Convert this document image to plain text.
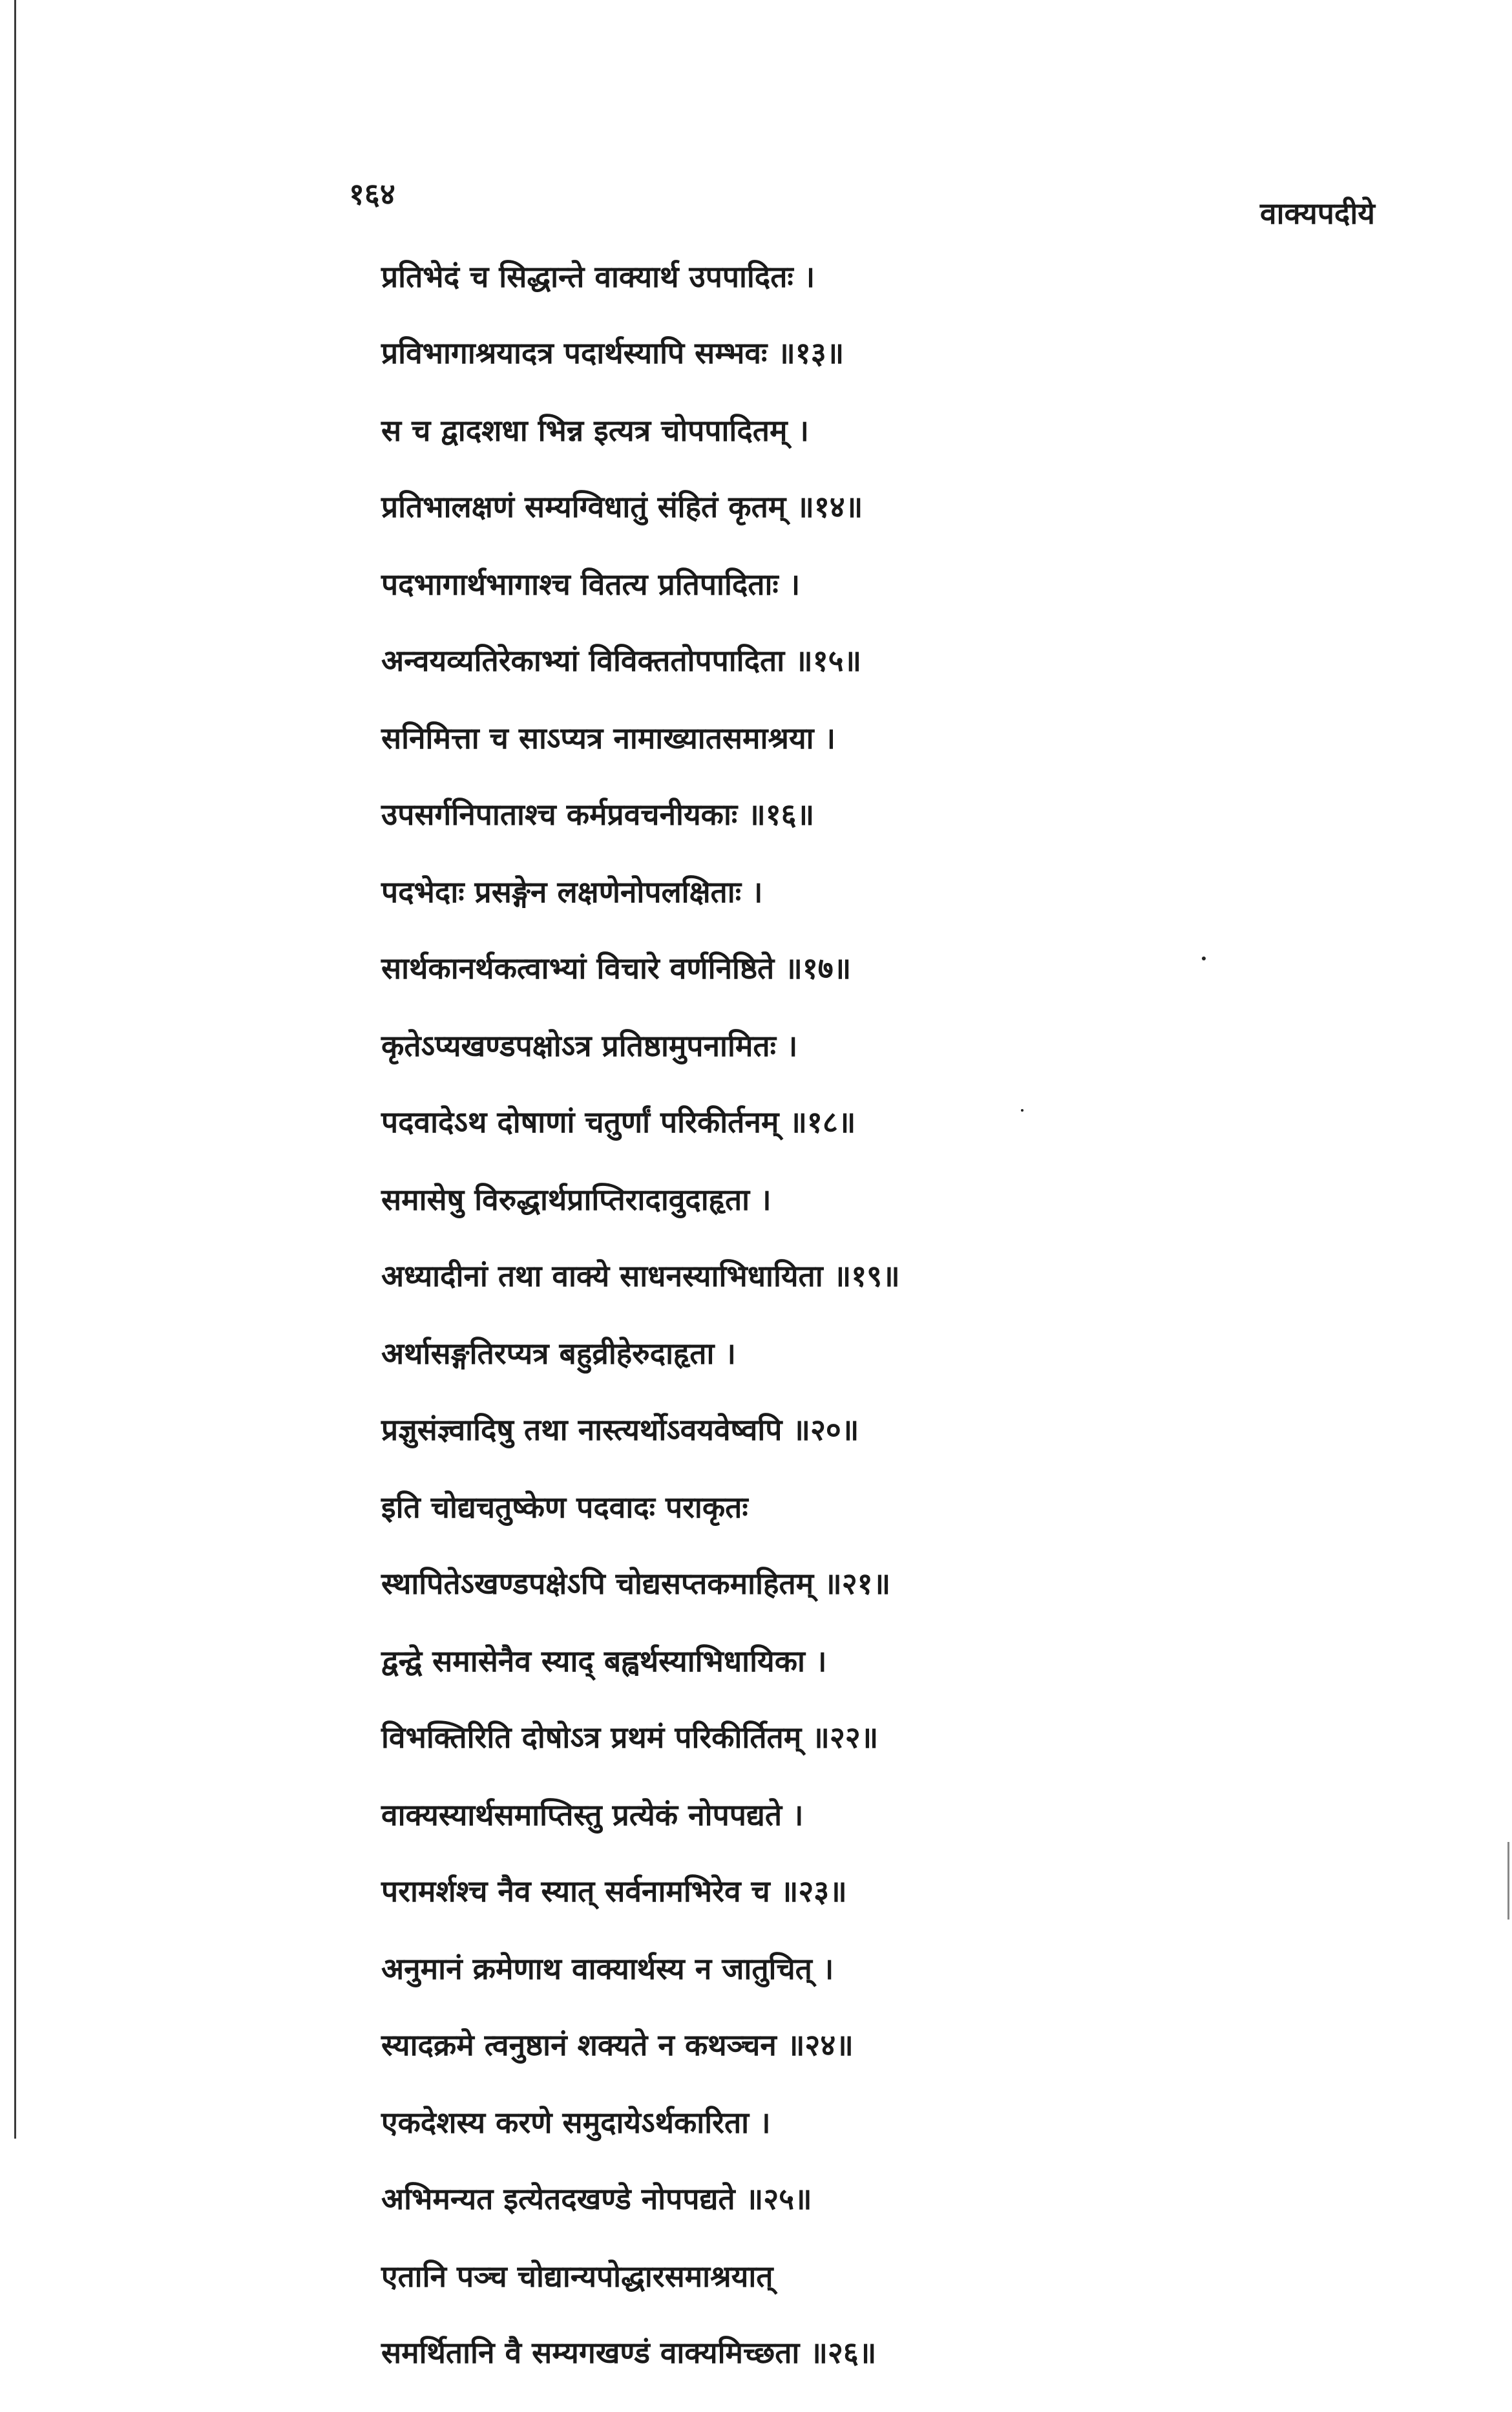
१६४
वाक्यपदीये
प्रतिभेदं च सिद्धान्ते वाक्यार्थ उपपादितः ।
प्रविभागाश्रयादत्र पदार्थस्यापि सम्भवः ॥१३॥
स च द्वादशधा भिन्न इत्यत्र चोपपादितम् ।
प्रतिभालक्षणं सम्यग्विधातुं संहितं कृतम् ॥१४॥
पदभागार्थभागाश्च वितत्य प्रतिपादिताः ।
अन्वयव्यतिरेकाभ्यां विविक्ततोपपादिता ॥१५॥
सनिमित्ता च साऽप्यत्र नामाख्यातसमाश्रया ।
उपसर्गनिपाताश्च कर्मप्रवचनीयकाः ॥१६॥
पदभेदाः प्रसङ्गेन लक्षणेनोपलक्षिताः ।
सार्थकानर्थकत्वाभ्यां विचारे वर्णनिष्ठिते ॥१७॥
कृतेऽप्यखण्डपक्षोऽत्र प्रतिष्ठामुपनामितः ।
पदवादेऽथ दोषाणां चतुर्णां परिकीर्तनम् ॥१८॥
समासेषु विरुद्धार्थप्राप्तिरादावुदाहृता ।
अध्यादीनां तथा वाक्ये साधनस्याभिधायिता ॥१९॥
अर्थासङ्गतिरप्यत्र बहुव्रीहेरुदाहृता ।
प्रज्ञुसंज्ञ्वादिषु तथा नास्त्यर्थोऽवयवेष्वपि ॥२०॥
इति चोद्यचतुष्केण पदवादः पराकृतः
स्थापितेऽखण्डपक्षेऽपि चोद्यसप्तकमाहितम् ॥२१॥
द्वन्द्वे समासेनैव स्याद् बह्वर्थस्याभिधायिका ।
विभक्तिरिति दोषोऽत्र प्रथमं परिकीर्तितम् ॥२२॥
वाक्यस्यार्थसमाप्तिस्तु प्रत्येकं नोपपद्यते ।
परामर्शश्च नैव स्यात् सर्वनामभिरेव च ॥२३॥
अनुमानं क्रमेणाथ वाक्यार्थस्य न जातुचित् ।
स्यादक्रमे त्वनुष्ठानं शक्यते न कथञ्चन ॥२४॥
एकदेशस्य करणे समुदायेऽर्थकारिता ।
अभिमन्यत इत्येतदखण्डे नोपपद्यते ॥२५॥
एतानि पञ्च चोद्यान्यपोद्धारसमाश्रयात्
समर्थितानि वै सम्यगखण्डं वाक्यमिच्छता ॥२६॥
